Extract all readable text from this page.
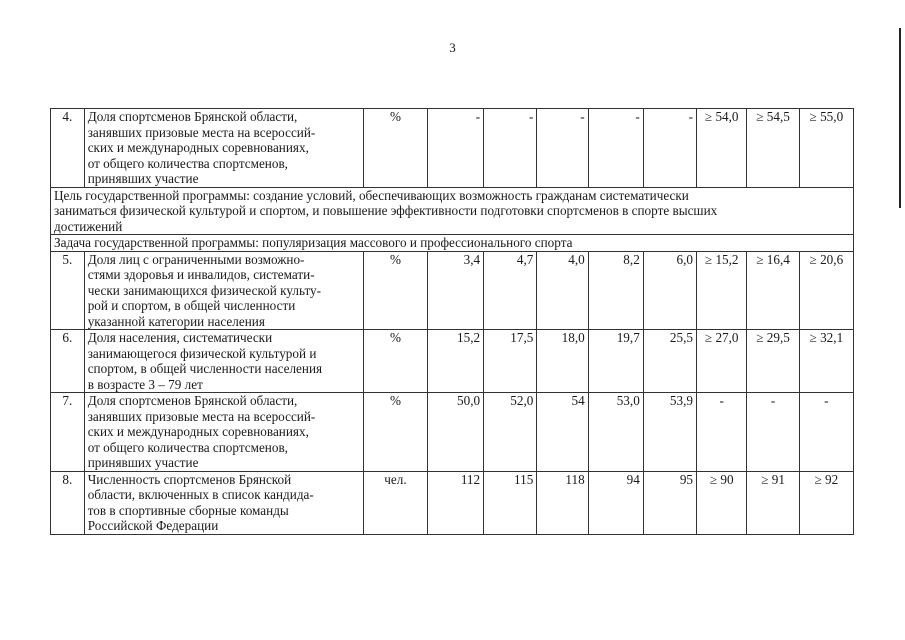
3
4.	Доля спортсменов Брянской области,
занявших призовые места на всероссий-
ских и международных соревнованиях,
от общего количества спортсменов,
принявших участие	%	-	-	-	-	-	≥ 54,0	≥ 54,5	≥ 55,0

Цель государственной программы: создание условий, обеспечивающих возможность гражданам систематически
заниматься физической культурой и спортом, и повышение эффективности подготовки спортсменов в спорте высших
достижений										

Задача государственной программы: популяризация массового и профессионального спорта										

5.	Доля лиц с ограниченными возможно-
стями здоровья и инвалидов, системати-
чески занимающихся физической культу-
рой и спортом, в общей численности
указанной категории населения	%	3,4	4,7	4,0	8,2	6,0	≥ 15,2	≥ 16,4	≥ 20,6
6.	Доля населения, систематически
занимающегося физической культурой и
спортом, в общей численности населения
в возрасте 3 – 79 лет	%	15,2	17,5	18,0	19,7	25,5	≥ 27,0	≥ 29,5	≥ 32,1
7.	Доля спортсменов Брянской области,
занявших призовые места на всероссий-
ских и международных соревнованиях,
от общего количества спортсменов,
принявших участие	%	50,0	52,0	54	53,0	53,9	-	-	-
8.	Численность спортсменов Брянской
области, включенных в список кандида-
тов в спортивные сборные команды
Российской Федерации	чел.	112	115	118	94	95	≥ 90	≥ 91	≥ 92
